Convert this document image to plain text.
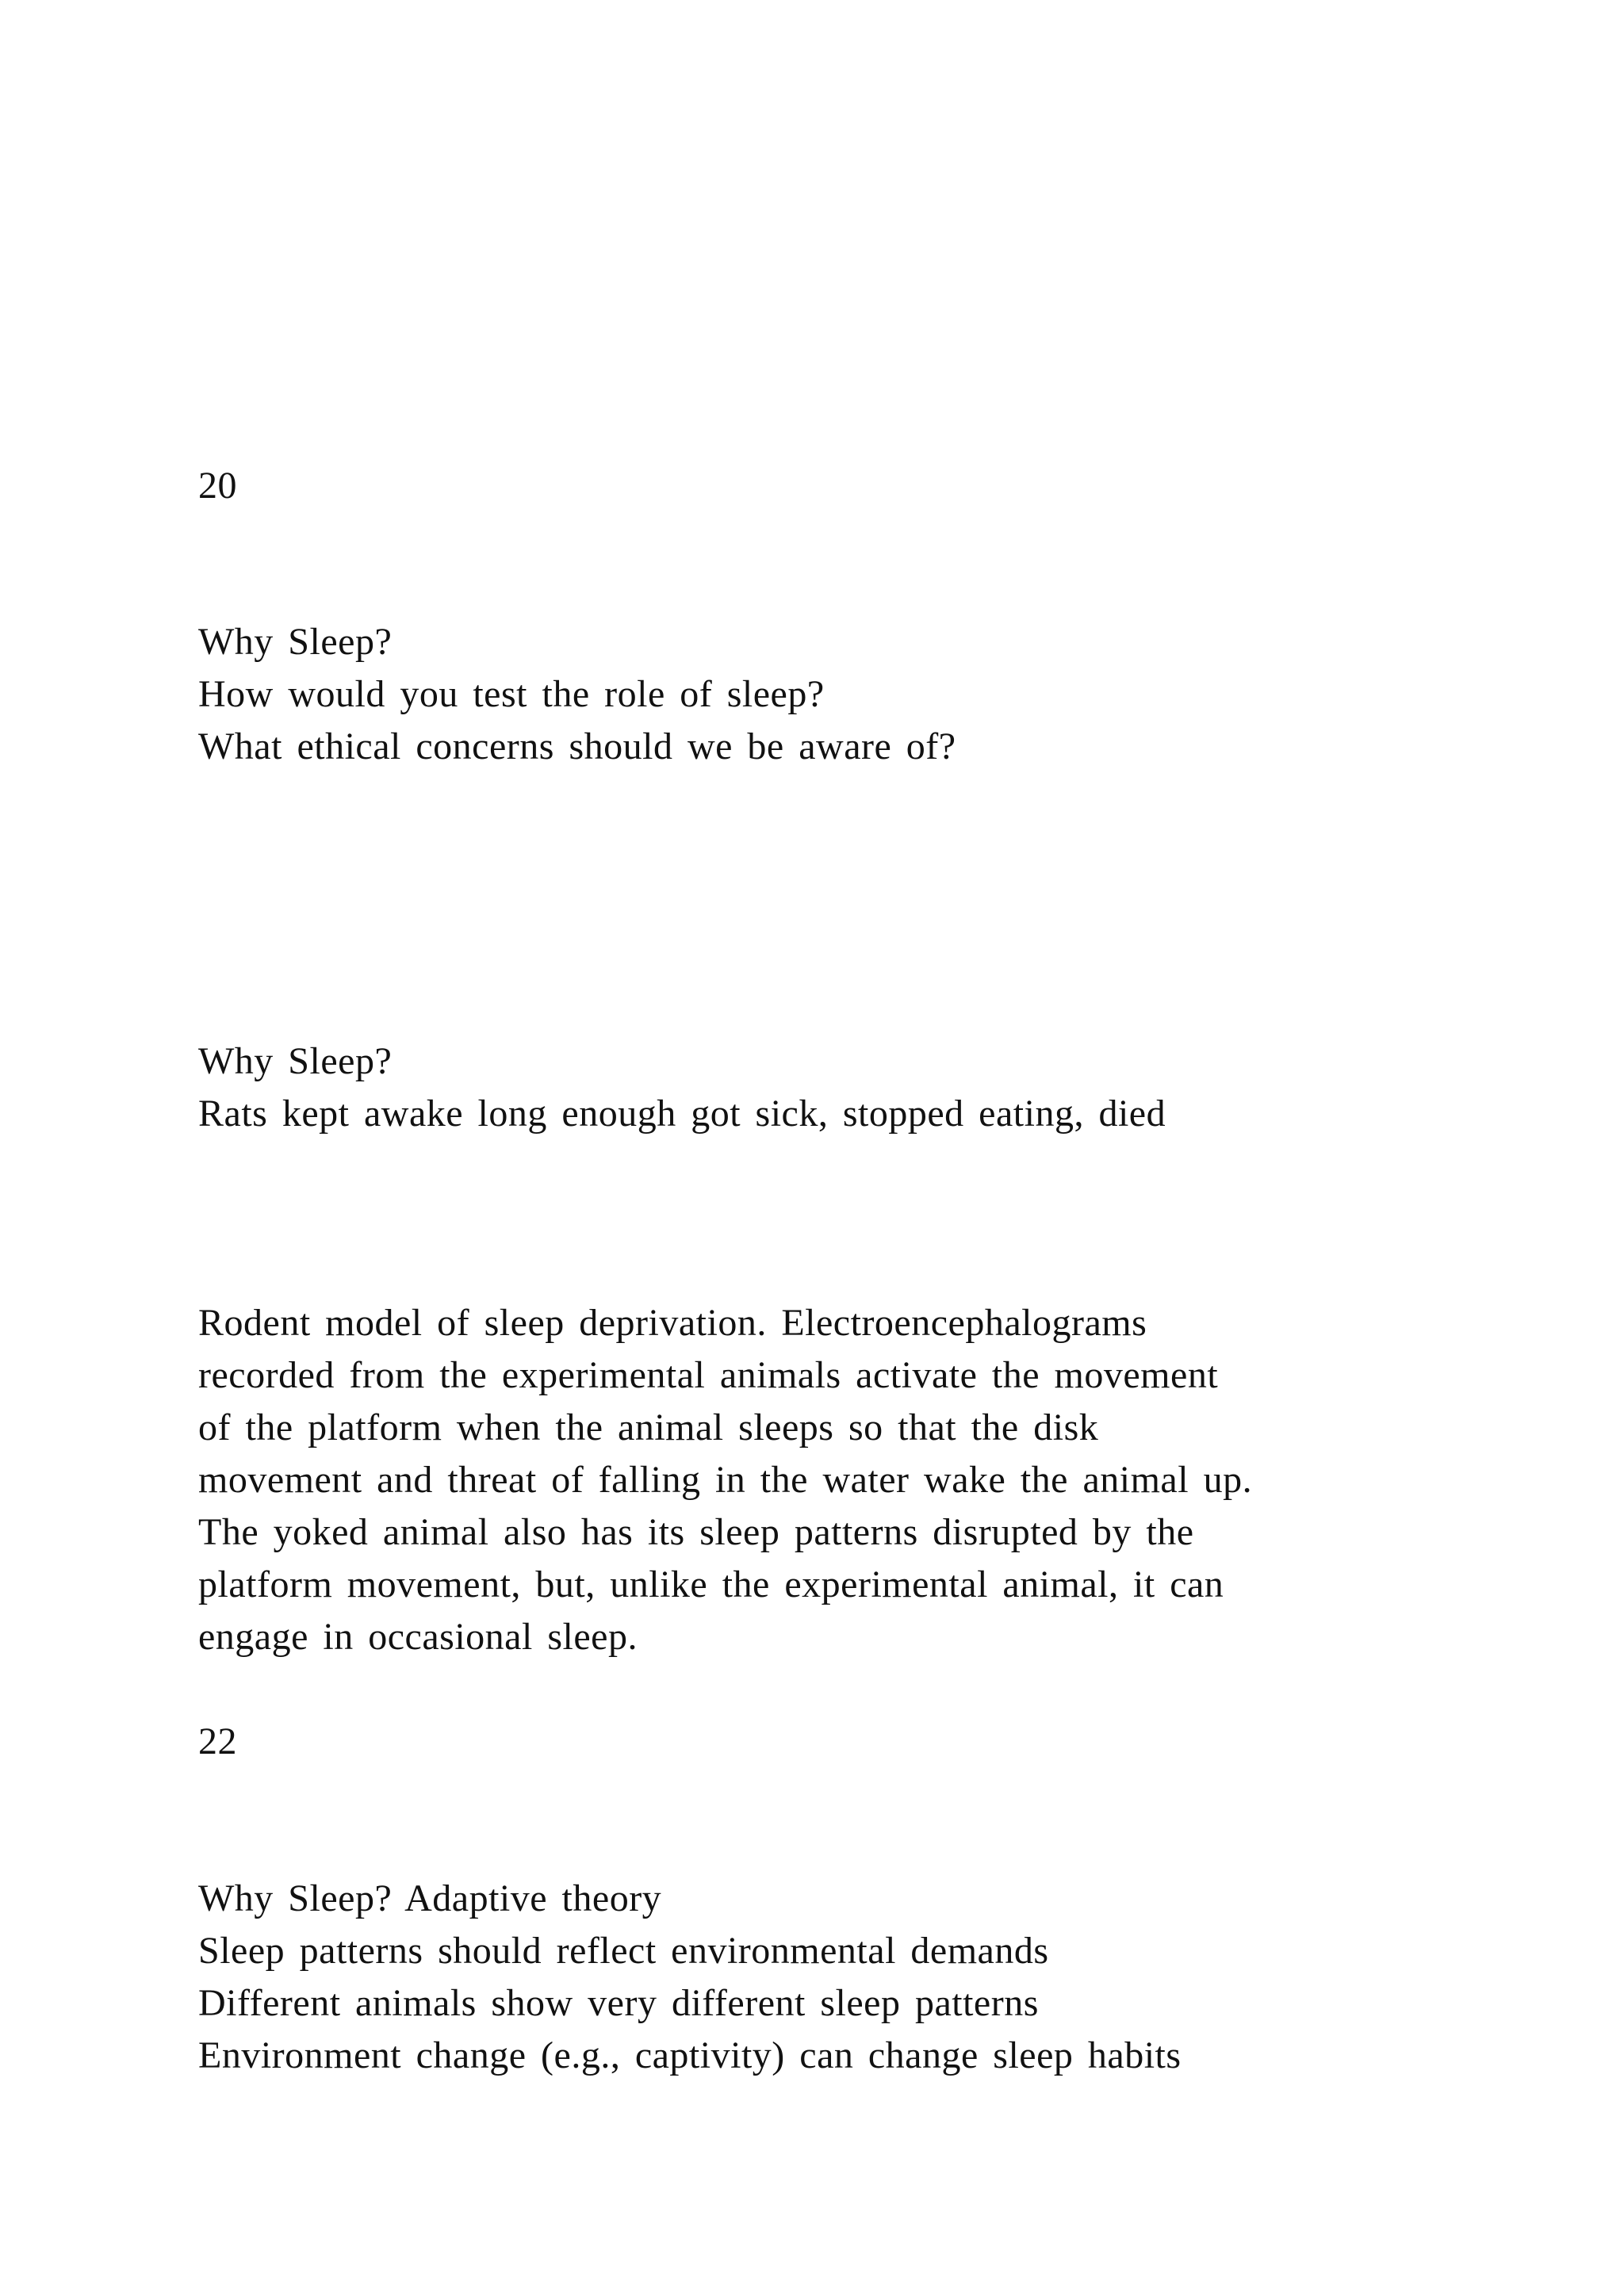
20
Why Sleep?
How would you test the role of sleep?
What ethical concerns should we be aware of?
Why Sleep?
Rats kept awake long enough got sick, stopped eating, died
Rodent model of sleep deprivation. Electroencephalograms
recorded from the experimental animals activate the movement
of the platform when the animal sleeps so that the disk
movement and threat of falling in the water wake the animal up.
The yoked animal also has its sleep patterns disrupted by the
platform movement, but, unlike the experimental animal, it can
engage in occasional sleep.
22
Why Sleep? Adaptive theory
Sleep patterns should reflect environmental demands
Different animals show very different sleep patterns
Environment change (e.g., captivity) can change sleep habits
